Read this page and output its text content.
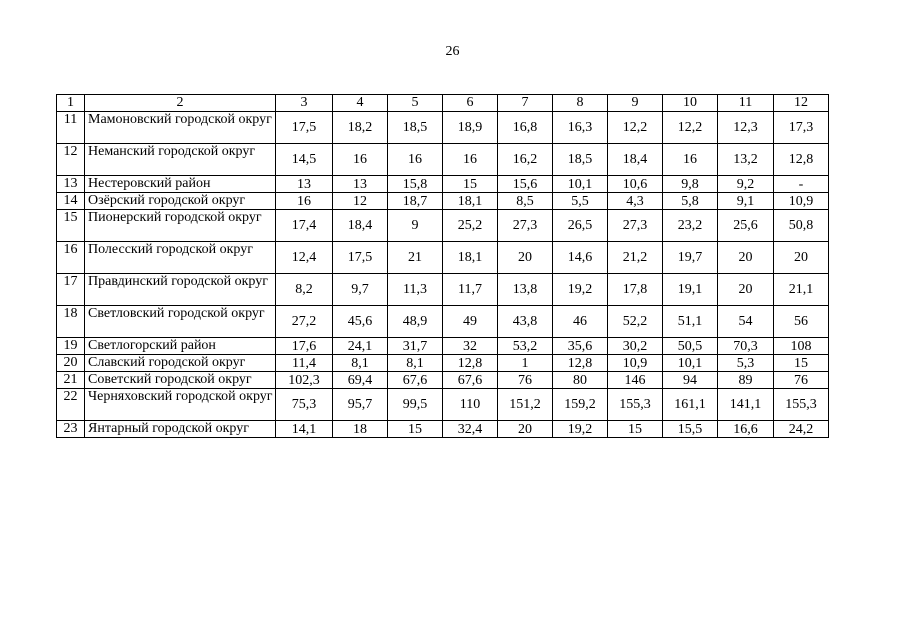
26
1	2	3	4	5	6	7	8	9	10	11	12
11	Мамоновский городской округ	17,5	18,2	18,5	18,9	16,8	16,3	12,2	12,2	12,3	17,3
12	Неманский городской округ	14,5	16	16	16	16,2	18,5	18,4	16	13,2	12,8
13	Нестеровский район	13	13	15,8	15	15,6	10,1	10,6	9,8	9,2	-
14	Озёрский городской округ	16	12	18,7	18,1	8,5	5,5	4,3	5,8	9,1	10,9
15	Пионерский городской округ	17,4	18,4	9	25,2	27,3	26,5	27,3	23,2	25,6	50,8
16	Полесский городской округ	12,4	17,5	21	18,1	20	14,6	21,2	19,7	20	20
17	Правдинский городской округ	8,2	9,7	11,3	11,7	13,8	19,2	17,8	19,1	20	21,1
18	Светловский городской округ	27,2	45,6	48,9	49	43,8	46	52,2	51,1	54	56
19	Светлогорский район	17,6	24,1	31,7	32	53,2	35,6	30,2	50,5	70,3	108
20	Славский городской округ	11,4	8,1	8,1	12,8	1	12,8	10,9	10,1	5,3	15
21	Советский городской округ	102,3	69,4	67,6	67,6	76	80	146	94	89	76
22	Черняховский городской округ	75,3	95,7	99,5	110	151,2	159,2	155,3	161,1	141,1	155,3
23	Янтарный городской округ	14,1	18	15	32,4	20	19,2	15	15,5	16,6	24,2
